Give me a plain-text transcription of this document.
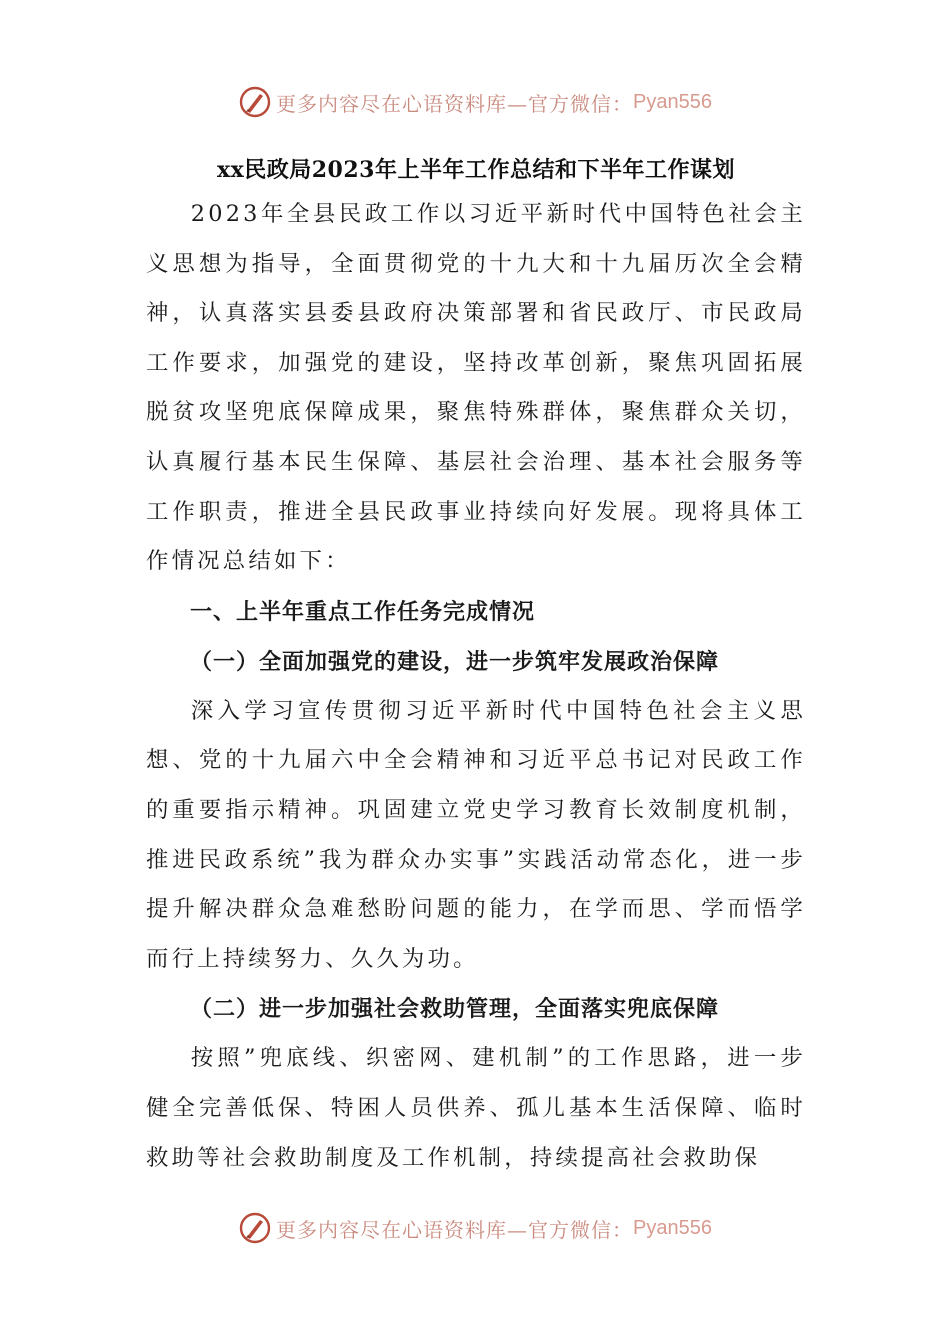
更多内容尽在心语资料库—官方微信： Pyan556

xx民政局2023年上半年工作总结和下半年工作谋划

2023年全县民政工作以习近平新时代中国特色社会主义思想为指导，全面贯彻党的十九大和十九届历次全会精神，认真落实县委县政府决策部署和省民政厅、市民政局工作要求，加强党的建设，坚持改革创新，聚焦巩固拓展脱贫攻坚兜底保障成果，聚焦特殊群体，聚焦群众关切，认真履行基本民生保障、基层社会治理、基本社会服务等工作职责，推进全县民政事业持续向好发展。现将具体工作情况总结如下：

一、上半年重点工作任务完成情况

（一）全面加强党的建设，进一步筑牢发展政治保障

深入学习宣传贯彻习近平新时代中国特色社会主义思想、党的十九届六中全会精神和习近平总书记对民政工作的重要指示精神。巩固建立党史学习教育长效制度机制，推进民政系统”我为群众办实事”实践活动常态化，进一步提升解决群众急难愁盼问题的能力，在学而思、学而悟学而行上持续努力、久久为功。

（二）进一步加强社会救助管理，全面落实兜底保障

按照”兜底线、织密网、建机制”的工作思路，进一步健全完善低保、特困人员供养、孤儿基本生活保障、临时救助等社会救助制度及工作机制，持续提高社会救助保

更多内容尽在心语资料库—官方微信： Pyan556
